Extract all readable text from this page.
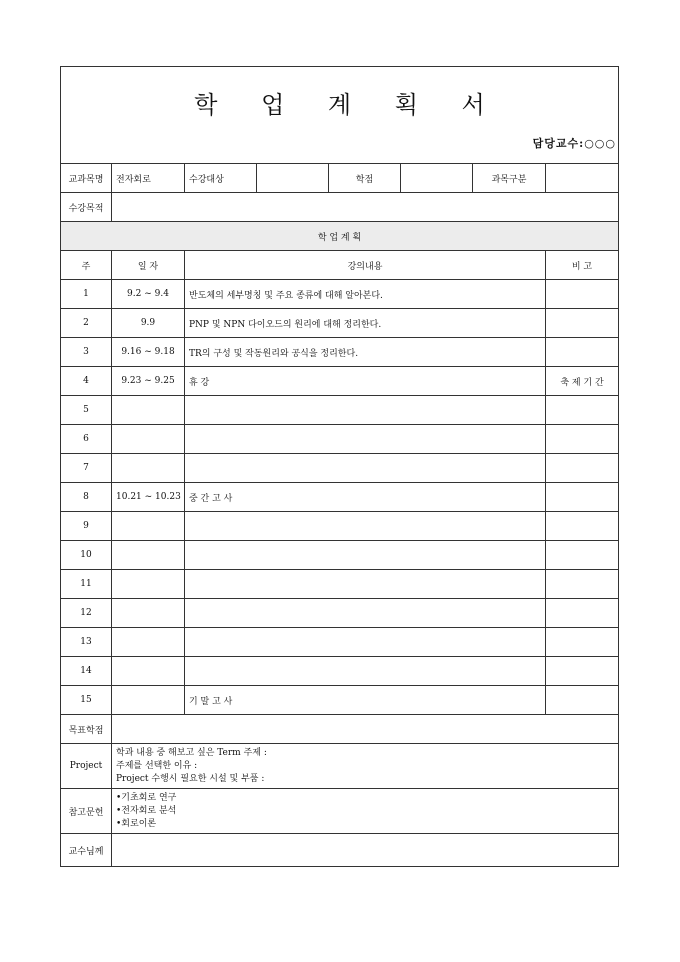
학 업 계 획 서
담당교수:○○○							

교과목명	전자회로	수강대상		학점		과목구분	
수강목적							
학 업 계 획							
주	일 자	강의내용					비 고
1	9.2 ~ 9.4	반도체의 세부명칭 및 주요 종류에 대해 알아본다.					
2	9.9	PNP 및 NPN 다이오드의 원리에 대해 정리한다.					
3	9.16 ~ 9.18	TR의 구성 및 작동원리와 공식을 정리한다.					
4	9.23 ~ 9.25	휴 강					축 제 기 간
5							
6							
7							
8	10.21 ~ 10.23	중 간 고 사					
9							
10							
11							
12							
13							
14							
15		기 말 고 사					
목표학점							
Project	학과 내용 중 해보고 싶은 Term 주제 :
주제를 선택한 이유 :
Project 수행시 필요한 시설 및 부품 :						

참고문헌	•기초회로 연구
•전자회로 분석
•회로이론						

교수님께							
